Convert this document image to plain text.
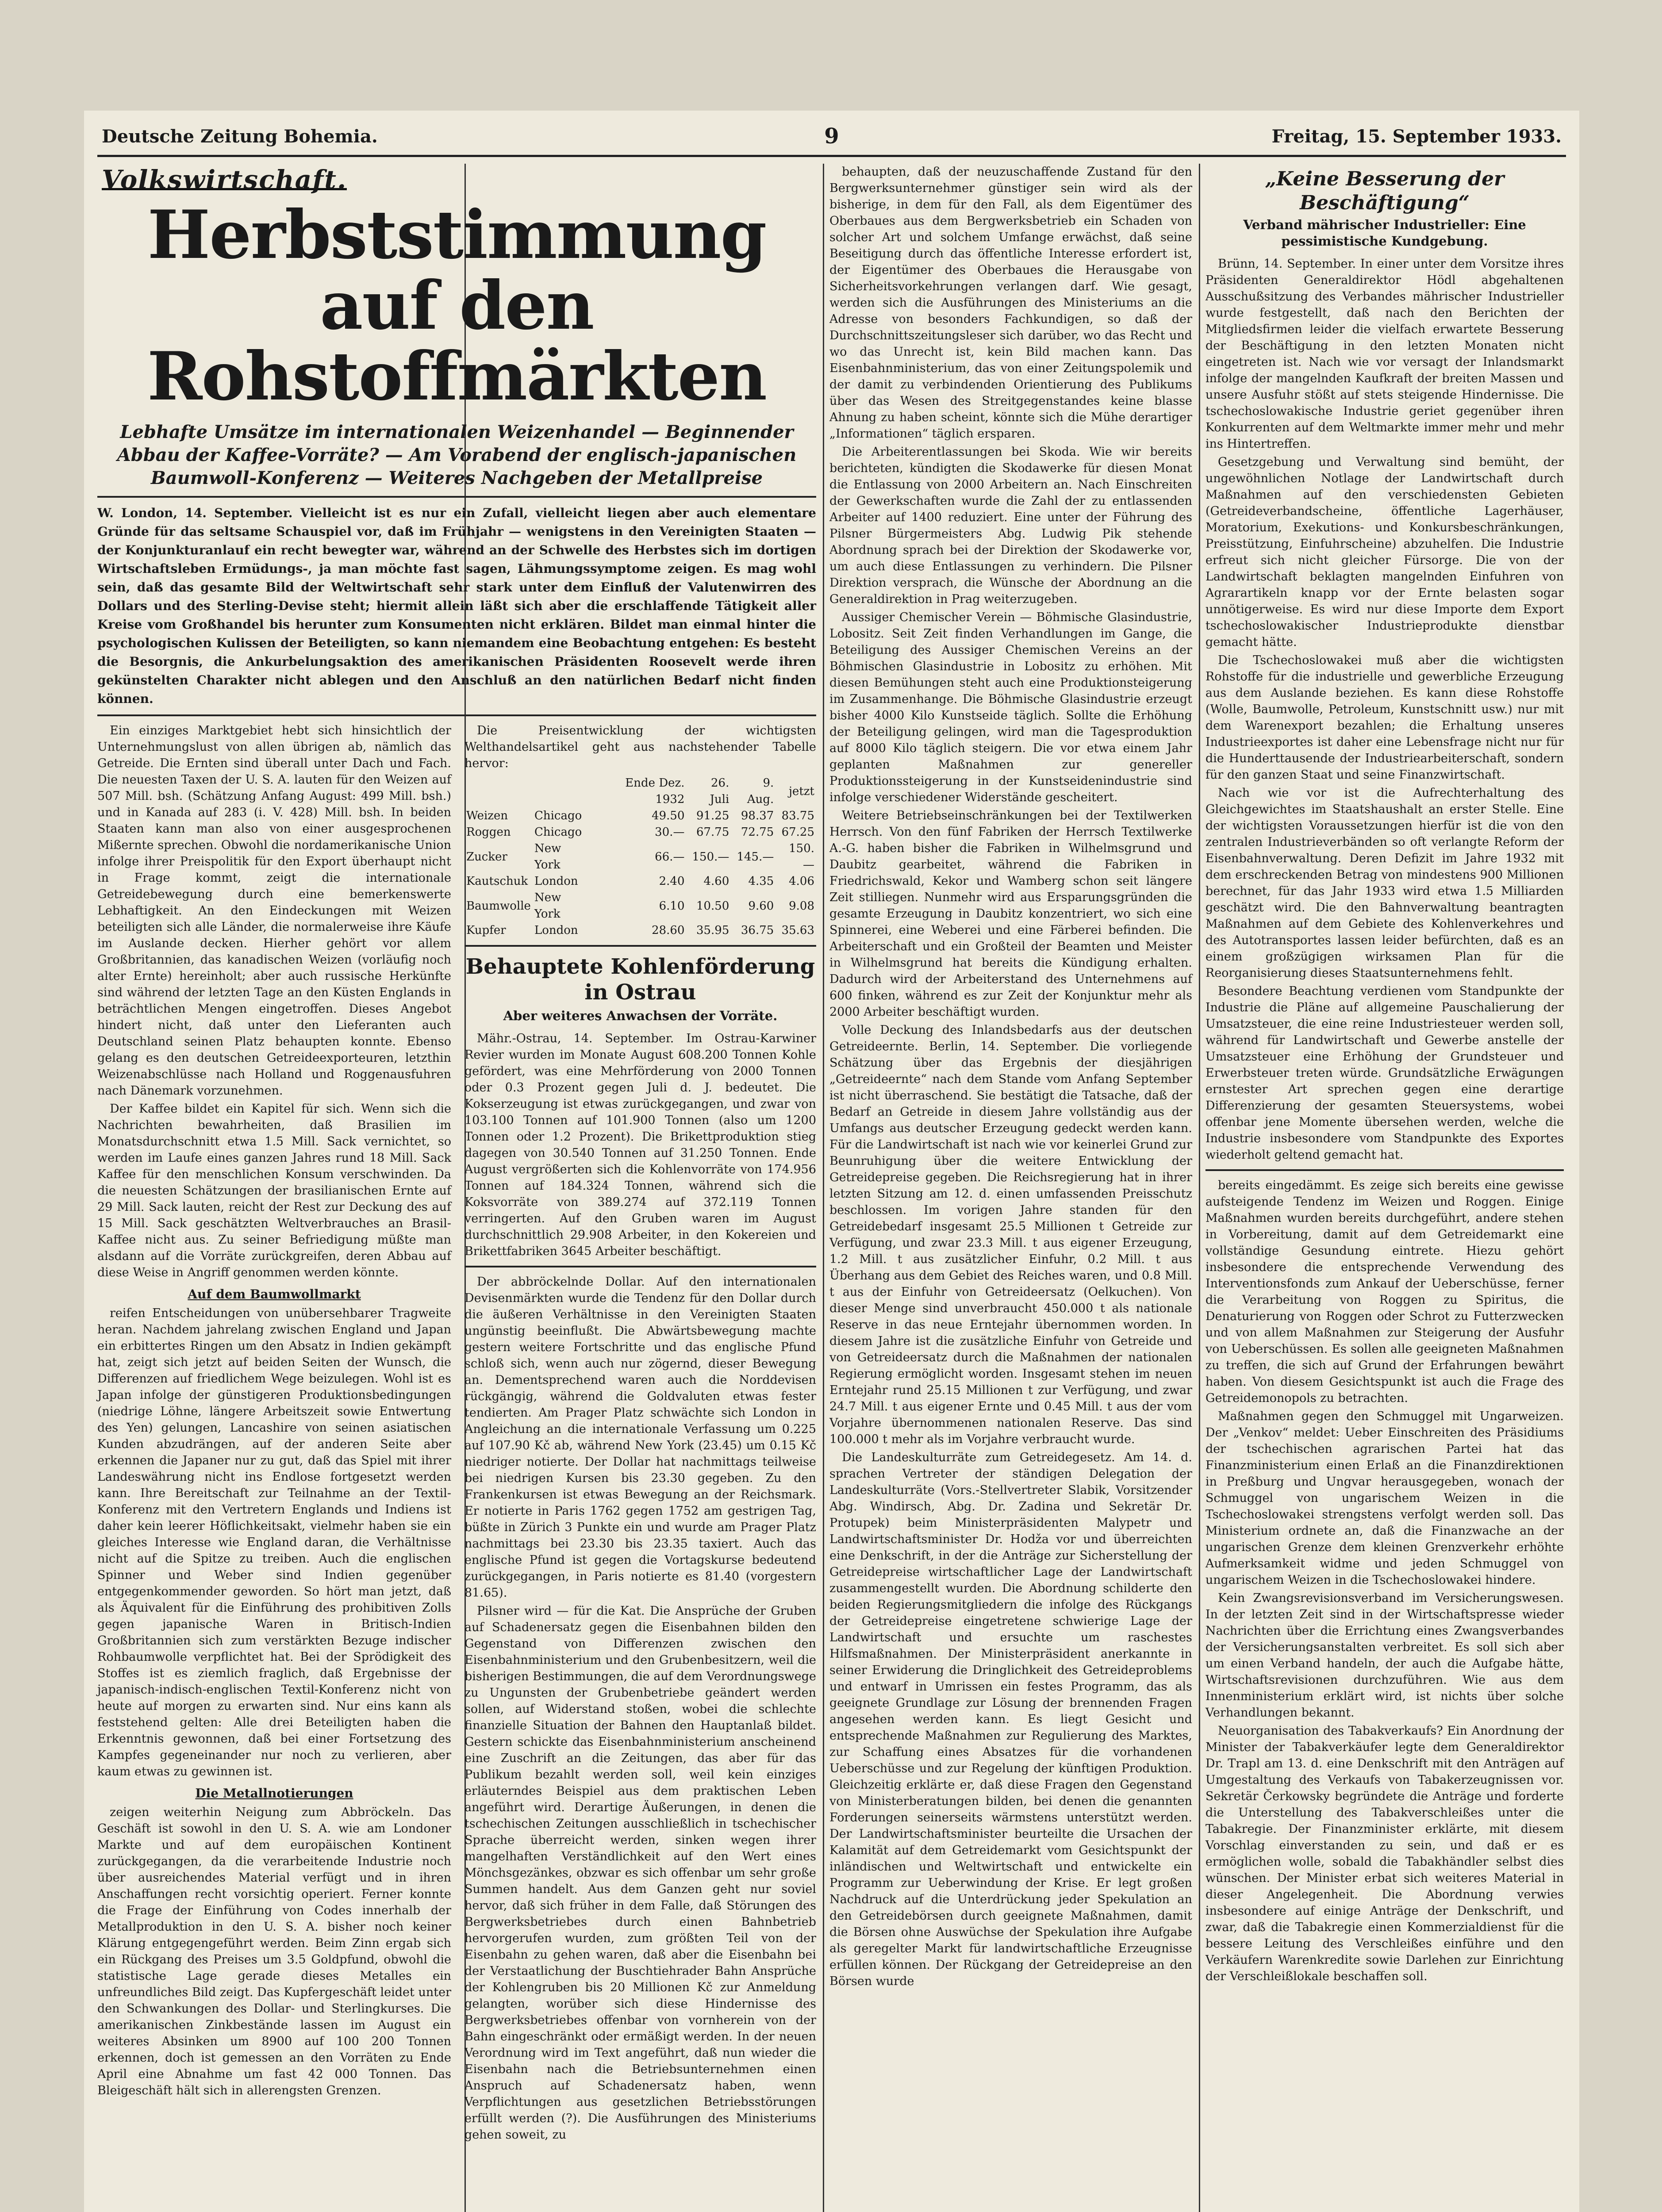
Deutsche Zeitung Bohemia.	9	Freitag, 15. September 1933.
Volkswirtschaft.
Herbststimmung auf den Rohstoffmärkten
Lebhafte Umsätze im internationalen Weizenhandel — Beginnender Abbau der Kaffee-Vorräte? — Am Vorabend der englisch-japanischen Baumwoll-Konferenz — Weiteres Nachgeben der Metallpreise
W. London, 14. September. Vielleicht ist es nur ein Zufall, vielleicht liegen aber auch elementare Gründe für das seltsame Schauspiel vor, daß im Frühjahr — wenigstens in den Vereinigten Staaten — der Konjunkturanlauf ein recht bewegter war, während an der Schwelle des Herbstes sich im dortigen Wirtschaftsleben Ermüdungs-, ja man möchte fast sagen, Lähmungssymptome zeigen. Es mag wohl sein, daß das gesamte Bild der Weltwirtschaft sehr stark unter dem Einfluß der Valutenwirren des Dollars und des Sterling-Devise steht; hiermit allein läßt sich aber die erschlaffende Tätigkeit aller Kreise vom Großhandel bis herunter zum Konsumenten nicht erklären. Bildet man einmal hinter die psychologischen Kulissen der Beteiligten, so kann niemandem eine Beobachtung entgehen: Es besteht die Besorgnis, die Ankurbelungsaktion des amerikanischen Präsidenten Roosevelt werde ihren gekünstelten Charakter nicht ablegen und den Anschluß an den natürlichen Bedarf nicht finden können.

Ein einziges Marktgebiet hebt sich hinsichtlich der Unternehmungslust von allen übrigen ab, nämlich das Getreide. Die Ernten sind überall unter Dach und Fach. Die neuesten Taxen der U. S. A. lauten für den Weizen auf 507 Mill. bsh. (Schätzung Anfang August: 499 Mill. bsh.) und in Kanada auf 283 (i. V. 428) Mill. bsh. In beiden Staaten kann man also von einer ausgesprochenen Mißernte sprechen. Obwohl die nordamerikanische Union infolge ihrer Preispolitik für den Export überhaupt nicht in Frage kommt, zeigt die internationale Getreidebewegung durch eine bemerkenswerte Lebhaftigkeit. An den Eindeckungen mit Weizen beteiligten sich alle Länder, die normalerweise ihre Käufe im Auslande decken. Hierher gehört vor allem Großbritannien, das kanadischen Weizen (vorläufig noch alter Ernte) hereinholt; aber auch russische Herkünfte sind während der letzten Tage an den Küsten Englands in beträchtlichen Mengen eingetroffen. Dieses Angebot hindert nicht, daß unter den Lieferanten auch Deutschland seinen Platz behaupten konnte. Ebenso gelang es den deutschen Getreideexporteuren, letzthin Weizenabschlüsse nach Holland und Roggenausfuhren nach Dänemark vorzunehmen.

Der Kaffee bildet ein Kapitel für sich. Wenn sich die Nachrichten bewahrheiten, daß Brasilien im Monatsdurchschnitt etwa 1.5 Mill. Sack vernichtet, so werden im Laufe eines ganzen Jahres rund 18 Mill. Sack Kaffee für den menschlichen Konsum verschwinden. Da die neuesten Schätzungen der brasilianischen Ernte auf 29 Mill. Sack lauten, reicht der Rest zur Deckung des auf 15 Mill. Sack geschätzten Weltverbrauches an Brasil-Kaffee nicht aus. Zu seiner Befriedigung müßte man alsdann auf die Vorräte zurückgreifen, deren Abbau auf diese Weise in Angriff genommen werden könnte.

Auf dem Baumwollmarkt

reifen Entscheidungen von unübersehbarer Tragweite heran. Nachdem jahrelang zwischen England und Japan ein erbittertes Ringen um den Absatz in Indien gekämpft hat, zeigt sich jetzt auf beiden Seiten der Wunsch, die Differenzen auf friedlichem Wege beizulegen. Wohl ist es Japan infolge der günstigeren Produktionsbedingungen (niedrige Löhne, längere Arbeitszeit sowie Entwertung des Yen) gelungen, Lancashire von seinen asiatischen Kunden abzudrängen, auf der anderen Seite aber erkennen die Japaner nur zu gut, daß das Spiel mit ihrer Landeswährung nicht ins Endlose fortgesetzt werden kann. Ihre Bereitschaft zur Teilnahme an der Textil-Konferenz mit den Vertretern Englands und Indiens ist daher kein leerer Höflichkeitsakt, vielmehr haben sie ein gleiches Interesse wie England daran, die Verhältnisse nicht auf die Spitze zu treiben. Auch die englischen Spinner und Weber sind Indien gegenüber entgegenkommender geworden. So hört man jetzt, daß als Äquivalent für die Einführung des prohibitiven Zolls gegen japanische Waren in Britisch-Indien Großbritannien sich zum verstärkten Bezuge indischer Rohbaumwolle verpflichtet hat. Bei der Sprödigkeit des Stoffes ist es ziemlich fraglich, daß Ergebnisse der japanisch-indisch-englischen Textil-Konferenz nicht von heute auf morgen zu erwarten sind. Nur eins kann als feststehend gelten: Alle drei Beteiligten haben die Erkenntnis gewonnen, daß bei einer Fortsetzung des Kampfes gegeneinander nur noch zu verlieren, aber kaum etwas zu gewinnen ist.

Die Metallnotierungen

zeigen weiterhin Neigung zum Abbröckeln. Das Geschäft ist sowohl in den U. S. A. wie am Londoner Markte und auf dem europäischen Kontinent zurückgegangen, da die verarbeitende Industrie noch über ausreichendes Material verfügt und in ihren Anschaffungen recht vorsichtig operiert. Ferner konnte die Frage der Einführung von Codes innerhalb der Metallproduktion in den U. S. A. bisher noch keiner Klärung entgegengeführt werden. Beim Zinn ergab sich ein Rückgang des Preises um 3.5 Goldpfund, obwohl die statistische Lage gerade dieses Metalles ein unfreundliches Bild zeigt. Das Kupfergeschäft leidet unter den Schwankungen des Dollar- und Sterlingkurses. Die amerikanischen Zinkbestände lassen im August ein weiteres Absinken um 8900 auf 100 200 Tonnen erkennen, doch ist gemessen an den Vorräten zu Ende April eine Abnahme um fast 42 000 Tonnen. Das Bleigeschäft hält sich in allerengsten Grenzen.

Die Preisentwicklung der wichtigsten Welthandelsartikel geht aus nachstehender Tabelle hervor:

		Ende Dez. 1932	26. Juli	9. Aug.	jetzt
Weizen	Chicago	49.50	91.25	98.37	83.75
Roggen	Chicago	30.—	67.75	72.75	67.25
Zucker	New York	66.—	150.—	145.—	150.—
Kautschuk	London	2.40	4.60	4.35	4.06
Baumwolle	New York	6.10	10.50	9.60	9.08
Kupfer	London	28.60	35.95	36.75	35.63
Behauptete Kohlenförderung in Ostrau
Aber weiteres Anwachsen der Vorräte.

Mähr.-Ostrau, 14. September. Im Ostrau-Karwiner Revier wurden im Monate August 608.200 Tonnen Kohle gefördert, was eine Mehrförderung von 2000 Tonnen oder 0.3 Prozent gegen Juli d. J. bedeutet. Die Kokserzeugung ist etwas zurückgegangen, und zwar von 103.100 Tonnen auf 101.900 Tonnen (also um 1200 Tonnen oder 1.2 Prozent). Die Brikettproduktion stieg dagegen von 30.540 Tonnen auf 31.250 Tonnen. Ende August vergrößerten sich die Kohlenvorräte von 174.956 Tonnen auf 184.324 Tonnen, während sich die Koksvorräte von 389.274 auf 372.119 Tonnen verringerten. Auf den Gruben waren im August durchschnittlich 29.908 Arbeiter, in den Kokereien und Brikettfabriken 3645 Arbeiter beschäftigt.

Der abbröckelnde Dollar. Auf den internationalen Devisenmärkten wurde die Tendenz für den Dollar durch die äußeren Verhältnisse in den Vereinigten Staaten ungünstig beeinflußt. Die Abwärtsbewegung machte gestern weitere Fortschritte und das englische Pfund schloß sich, wenn auch nur zögernd, dieser Bewegung an. Dementsprechend waren auch die Norddevisen rückgängig, während die Goldvaluten etwas fester tendierten. Am Prager Platz schwächte sich London in Angleichung an die internationale Verfassung um 0.225 auf 107.90 Kč ab, während New York (23.45) um 0.15 Kč niedriger notierte. Der Dollar hat nachmittags teilweise bei niedrigen Kursen bis 23.30 gegeben. Zu den Frankenkursen ist etwas Bewegung an der Reichsmark. Er notierte in Paris 1762 gegen 1752 am gestrigen Tag, büßte in Zürich 3 Punkte ein und wurde am Prager Platz nachmittags bei 23.30 bis 23.35 taxiert. Auch das englische Pfund ist gegen die Vortagskurse bedeutend zurückgegangen, in Paris notierte es 81.40 (vorgestern 81.65).

Pilsner wird — für die Kat. Die Ansprüche der Gruben auf Schadenersatz gegen die Eisenbahnen bilden den Gegenstand von Differenzen zwischen den Eisenbahnministerium und den Grubenbesitzern, weil die bisherigen Bestimmungen, die auf dem Verordnungswege zu Ungunsten der Grubenbetriebe geändert werden sollen, auf Widerstand stoßen, wobei die schlechte finanzielle Situation der Bahnen den Hauptanlaß bildet. Gestern schickte das Eisenbahnministerium anscheinend eine Zuschrift an die Zeitungen, das aber für das Publikum bezahlt werden soll, weil kein einziges erläuterndes Beispiel aus dem praktischen Leben angeführt wird. Derartige Äußerungen, in denen die tschechischen Zeitungen ausschließlich in tschechischer Sprache überreicht werden, sinken wegen ihrer mangelhaften Verständlichkeit auf den Wert eines Mönchsgezänkes, obzwar es sich offenbar um sehr große Summen handelt. Aus dem Ganzen geht nur soviel hervor, daß sich früher in dem Falle, daß Störungen des Bergwerksbetriebes durch einen Bahnbetrieb hervorgerufen wurden, zum größten Teil von der Eisenbahn zu gehen waren, daß aber die Eisenbahn bei der Verstaatlichung der Buschtiehrader Bahn Ansprüche der Kohlengruben bis 20 Millionen Kč zur Anmeldung gelangten, worüber sich diese Hindernisse des Bergwerksbetriebes offenbar von vornherein von der Bahn eingeschränkt oder ermäßigt werden. In der neuen Verordnung wird im Text angeführt, daß nun wieder die Eisenbahn nach die Betriebsunternehmen einen Anspruch auf Schadenersatz haben, wenn Verpflichtungen aus gesetzlichen Betriebsstörungen erfüllt werden (?). Die Ausführungen des Ministeriums gehen soweit, zu

behaupten, daß der neuzuschaffende Zustand für den Bergwerksunternehmer günstiger sein wird als der bisherige, in dem für den Fall, als dem Eigentümer des Oberbaues aus dem Bergwerksbetrieb ein Schaden von solcher Art und solchem Umfange erwächst, daß seine Beseitigung durch das öffentliche Interesse erfordert ist, der Eigentümer des Oberbaues die Herausgabe von Sicherheitsvorkehrungen verlangen darf. Wie gesagt, werden sich die Ausführungen des Ministeriums an die Adresse von besonders Fachkundigen, so daß der Durchschnittszeitungsleser sich darüber, wo das Recht und wo das Unrecht ist, kein Bild machen kann. Das Eisenbahnministerium, das von einer Zeitungspolemik und der damit zu verbindenden Orientierung des Publikums über das Wesen des Streitgegenstandes keine blasse Ahnung zu haben scheint, könnte sich die Mühe derartiger „Informationen“ täglich ersparen.

Die Arbeiterentlassungen bei Skoda. Wie wir bereits berichteten, kündigten die Skodawerke für diesen Monat die Entlassung von 2000 Arbeitern an. Nach Einschreiten der Gewerkschaften wurde die Zahl der zu entlassenden Arbeiter auf 1400 reduziert. Eine unter der Führung des Pilsner Bürgermeisters Abg. Ludwig Pik stehende Abordnung sprach bei der Direktion der Skodawerke vor, um auch diese Entlassungen zu verhindern. Die Pilsner Direktion versprach, die Wünsche der Abordnung an die Generaldirektion in Prag weiterzugeben.

Aussiger Chemischer Verein — Böhmische Glasindustrie, Lobositz. Seit Zeit finden Verhandlungen im Gange, die Beteiligung des Aussiger Chemischen Vereins an der Böhmischen Glasindustrie in Lobositz zu erhöhen. Mit diesen Bemühungen steht auch eine Produktionsteigerung im Zusammenhange. Die Böhmische Glasindustrie erzeugt bisher 4000 Kilo Kunstseide täglich. Sollte die Erhöhung der Beteiligung gelingen, wird man die Tagesproduktion auf 8000 Kilo täglich steigern. Die vor etwa einem Jahr geplanten Maßnahmen zur genereller Produktionssteigerung in der Kunstseidenindustrie sind infolge verschiedener Widerstände gescheitert.

Weitere Betriebseinschränkungen bei der Textilwerken Herrsch. Von den fünf Fabriken der Herrsch Textilwerke A.-G. haben bisher die Fabriken in Wilhelmsgrund und Daubitz gearbeitet, während die Fabriken in Friedrichswald, Kekor und Wamberg schon seit längere Zeit stilliegen. Nunmehr wird aus Ersparungsgründen die gesamte Erzeugung in Daubitz konzentriert, wo sich eine Spinnerei, eine Weberei und eine Färberei befinden. Die Arbeiterschaft und ein Großteil der Beamten und Meister in Wilhelmsgrund hat bereits die Kündigung erhalten. Dadurch wird der Arbeiterstand des Unternehmens auf 600 finken, während es zur Zeit der Konjunktur mehr als 2000 Arbeiter beschäftigt wurden.

Volle Deckung des Inlandsbedarfs aus der deutschen Getreideernte. Berlin, 14. September. Die vorliegende Schätzung über das Ergebnis der diesjährigen „Getreideernte“ nach dem Stande vom Anfang September ist nicht überraschend. Sie bestätigt die Tatsache, daß der Bedarf an Getreide in diesem Jahre vollständig aus der Umfangs aus deutscher Erzeugung gedeckt werden kann. Für die Landwirtschaft ist nach wie vor keinerlei Grund zur Beunruhigung über die weitere Entwicklung der Getreidepreise gegeben. Die Reichsregierung hat in ihrer letzten Sitzung am 12. d. einen umfassenden Preisschutz beschlossen. Im vorigen Jahre standen für den Getreidebedarf insgesamt 25.5 Millionen t Getreide zur Verfügung, und zwar 23.3 Mill. t aus eigener Erzeugung, 1.2 Mill. t aus zusätzlicher Einfuhr, 0.2 Mill. t aus Überhang aus dem Gebiet des Reiches waren, und 0.8 Mill. t aus der Einfuhr von Getreideersatz (Oelkuchen). Von dieser Menge sind unverbraucht 450.000 t als nationale Reserve in das neue Erntejahr übernommen worden. In diesem Jahre ist die zusätzliche Einfuhr von Getreide und von Getreideersatz durch die Maßnahmen der nationalen Regierung ermöglicht worden. Insgesamt stehen im neuen Erntejahr rund 25.15 Millionen t zur Verfügung, und zwar 24.7 Mill. t aus eigener Ernte und 0.45 Mill. t aus der vom Vorjahre übernommenen nationalen Reserve. Das sind 100.000 t mehr als im Vorjahre verbraucht wurde.

Die Landeskulturräte zum Getreidegesetz. Am 14. d. sprachen Vertreter der ständigen Delegation der Landeskulturräte (Vors.-Stellvertreter Slabik, Vorsitzender Abg. Windirsch, Abg. Dr. Zadina und Sekretär Dr. Protupek) beim Ministerpräsidenten Malypetr und Landwirtschaftsminister Dr. Hodža vor und überreichten eine Denkschrift, in der die Anträge zur Sicherstellung der Getreidepreise wirtschaftlicher Lage der Landwirtschaft zusammengestellt wurden. Die Abordnung schilderte den beiden Regierungsmitgliedern die infolge des Rückgangs der Getreidepreise eingetretene schwierige Lage der Landwirtschaft und ersuchte um raschestes Hilfsmaßnahmen. Der Ministerpräsident anerkannte in seiner Erwiderung die Dringlichkeit des Getreideproblems und entwarf in Umrissen ein festes Programm, das als geeignete Grundlage zur Lösung der brennenden Fragen angesehen werden kann. Es liegt Gesicht und entsprechende Maßnahmen zur Regulierung des Marktes, zur Schaffung eines Absatzes für die vorhandenen Ueberschüsse und zur Regelung der künftigen Produktion. Gleichzeitig erklärte er, daß diese Fragen den Gegenstand von Ministerberatungen bilden, bei denen die genannten Forderungen seinerseits wärmstens unterstützt werden. Der Landwirtschaftsminister beurteilte die Ursachen der Kalamität auf dem Getreidemarkt vom Gesichtspunkt der inländischen und Weltwirtschaft und entwickelte ein Programm zur Ueberwindung der Krise. Er legt großen Nachdruck auf die Unterdrückung jeder Spekulation an den Getreidebörsen durch geeignete Maßnahmen, damit die Börsen ohne Auswüchse der Spekulation ihre Aufgabe als geregelter Markt für landwirtschaftliche Erzeugnisse erfüllen können. Der Rückgang der Getreidepreise an den Börsen wurde

„Keine Besserung der Beschäftigung“
Verband mährischer Industrieller: Eine pessimistische Kundgebung.

Brünn, 14. September. In einer unter dem Vorsitze ihres Präsidenten Generaldirektor Hödl abgehaltenen Ausschußsitzung des Verbandes mährischer Industrieller wurde festgestellt, daß nach den Berichten der Mitgliedsfirmen leider die vielfach erwartete Besserung der Beschäftigung in den letzten Monaten nicht eingetreten ist. Nach wie vor versagt der Inlandsmarkt infolge der mangelnden Kaufkraft der breiten Massen und unsere Ausfuhr stößt auf stets steigende Hindernisse. Die tschechoslowakische Industrie geriet gegenüber ihren Konkurrenten auf dem Weltmarkte immer mehr und mehr ins Hintertreffen.

Gesetzgebung und Verwaltung sind bemüht, der ungewöhnlichen Notlage der Landwirtschaft durch Maßnahmen auf den verschiedensten Gebieten (Getreideverbandscheine, öffentliche Lagerhäuser, Moratorium, Exekutions- und Konkursbeschränkungen, Preisstützung, Einfuhrscheine) abzuhelfen. Die Industrie erfreut sich nicht gleicher Fürsorge. Die von der Landwirtschaft beklagten mangelnden Einfuhren von Agrarartikeln knapp vor der Ernte belasten sogar unnötigerweise. Es wird nur diese Importe dem Export tschechoslowakischer Industrieprodukte dienstbar gemacht hätte.

Die Tschechoslowakei muß aber die wichtigsten Rohstoffe für die industrielle und gewerbliche Erzeugung aus dem Auslande beziehen. Es kann diese Rohstoffe (Wolle, Baumwolle, Petroleum, Kunstschnitt usw.) nur mit dem Warenexport bezahlen; die Erhaltung unseres Industrieexportes ist daher eine Lebensfrage nicht nur für die Hunderttausende der Industriearbeiterschaft, sondern für den ganzen Staat und seine Finanzwirtschaft.

Nach wie vor ist die Aufrechterhaltung des Gleichgewichtes im Staatshaushalt an erster Stelle. Eine der wichtigsten Voraussetzungen hierfür ist die von den zentralen Industrieverbänden so oft verlangte Reform der Eisenbahnverwaltung. Deren Defizit im Jahre 1932 mit dem erschreckenden Betrag von mindestens 900 Millionen berechnet, für das Jahr 1933 wird etwa 1.5 Milliarden geschätzt wird. Die den Bahnverwaltung beantragten Maßnahmen auf dem Gebiete des Kohlenverkehres und des Autotransportes lassen leider befürchten, daß es an einem großzügigen wirksamen Plan für die Reorganisierung dieses Staatsunternehmens fehlt.

Besondere Beachtung verdienen vom Standpunkte der Industrie die Pläne auf allgemeine Pauschalierung der Umsatzsteuer, die eine reine Industriesteuer werden soll, während für Landwirtschaft und Gewerbe anstelle der Umsatzsteuer eine Erhöhung der Grundsteuer und Erwerbsteuer treten würde. Grundsätzliche Erwägungen ernstester Art sprechen gegen eine derartige Differenzierung der gesamten Steuersystems, wobei offenbar jene Momente übersehen werden, welche die Industrie insbesondere vom Standpunkte des Exportes wiederholt geltend gemacht hat.

bereits eingedämmt. Es zeige sich bereits eine gewisse aufsteigende Tendenz im Weizen und Roggen. Einige Maßnahmen wurden bereits durchgeführt, andere stehen in Vorbereitung, damit auf dem Getreidemarkt eine vollständige Gesundung eintrete. Hiezu gehört insbesondere die entsprechende Verwendung des Interventionsfonds zum Ankauf der Ueberschüsse, ferner die Verarbeitung von Roggen zu Spiritus, die Denaturierung von Roggen oder Schrot zu Futterzwecken und von allem Maßnahmen zur Steigerung der Ausfuhr von Ueberschüssen. Es sollen alle geeigneten Maßnahmen zu treffen, die sich auf Grund der Erfahrungen bewährt haben. Von diesem Gesichtspunkt ist auch die Frage des Getreidemonopols zu betrachten.

Maßnahmen gegen den Schmuggel mit Ungarweizen. Der „Venkov“ meldet: Ueber Einschreiten des Präsidiums der tschechischen agrarischen Partei hat das Finanzministerium einen Erlaß an die Finanzdirektionen in Preßburg und Ungvar herausgegeben, wonach der Schmuggel von ungarischem Weizen in die Tschechoslowakei strengstens verfolgt werden soll. Das Ministerium ordnete an, daß die Finanzwache an der ungarischen Grenze dem kleinen Grenzverkehr erhöhte Aufmerksamkeit widme und jeden Schmuggel von ungarischem Weizen in die Tschechoslowakei hindere.

Kein Zwangsrevisionsverband im Versicherungswesen. In der letzten Zeit sind in der Wirtschaftspresse wieder Nachrichten über die Errichtung eines Zwangsverbandes der Versicherungsanstalten verbreitet. Es soll sich aber um einen Verband handeln, der auch die Aufgabe hätte, Wirtschaftsrevisionen durchzuführen. Wie aus dem Innenministerium erklärt wird, ist nichts über solche Verhandlungen bekannt.

Neuorganisation des Tabakverkaufs? Ein Anordnung der Minister der Tabakverkäufer legte dem Generaldirektor Dr. Trapl am 13. d. eine Denkschrift mit den Anträgen auf Umgestaltung des Verkaufs von Tabakerzeugnissen vor. Sekretär Čerkowsky begründete die Anträge und forderte die Unterstellung des Tabakverschleißes unter die Tabakregie. Der Finanzminister erklärte, mit diesem Vorschlag einverstanden zu sein, und daß er es ermöglichen wolle, sobald die Tabakhändler selbst dies wünschen. Der Minister erbat sich weiteres Material in dieser Angelegenheit. Die Abordnung verwies insbesondere auf einige Anträge der Denkschrift, und zwar, daß die Tabakregie einen Kommerzialdienst für die bessere Leitung des Verschleißes einführe und den Verkäufern Warenkredite sowie Darlehen zur Einrichtung der Verschleißlokale beschaffen soll.
